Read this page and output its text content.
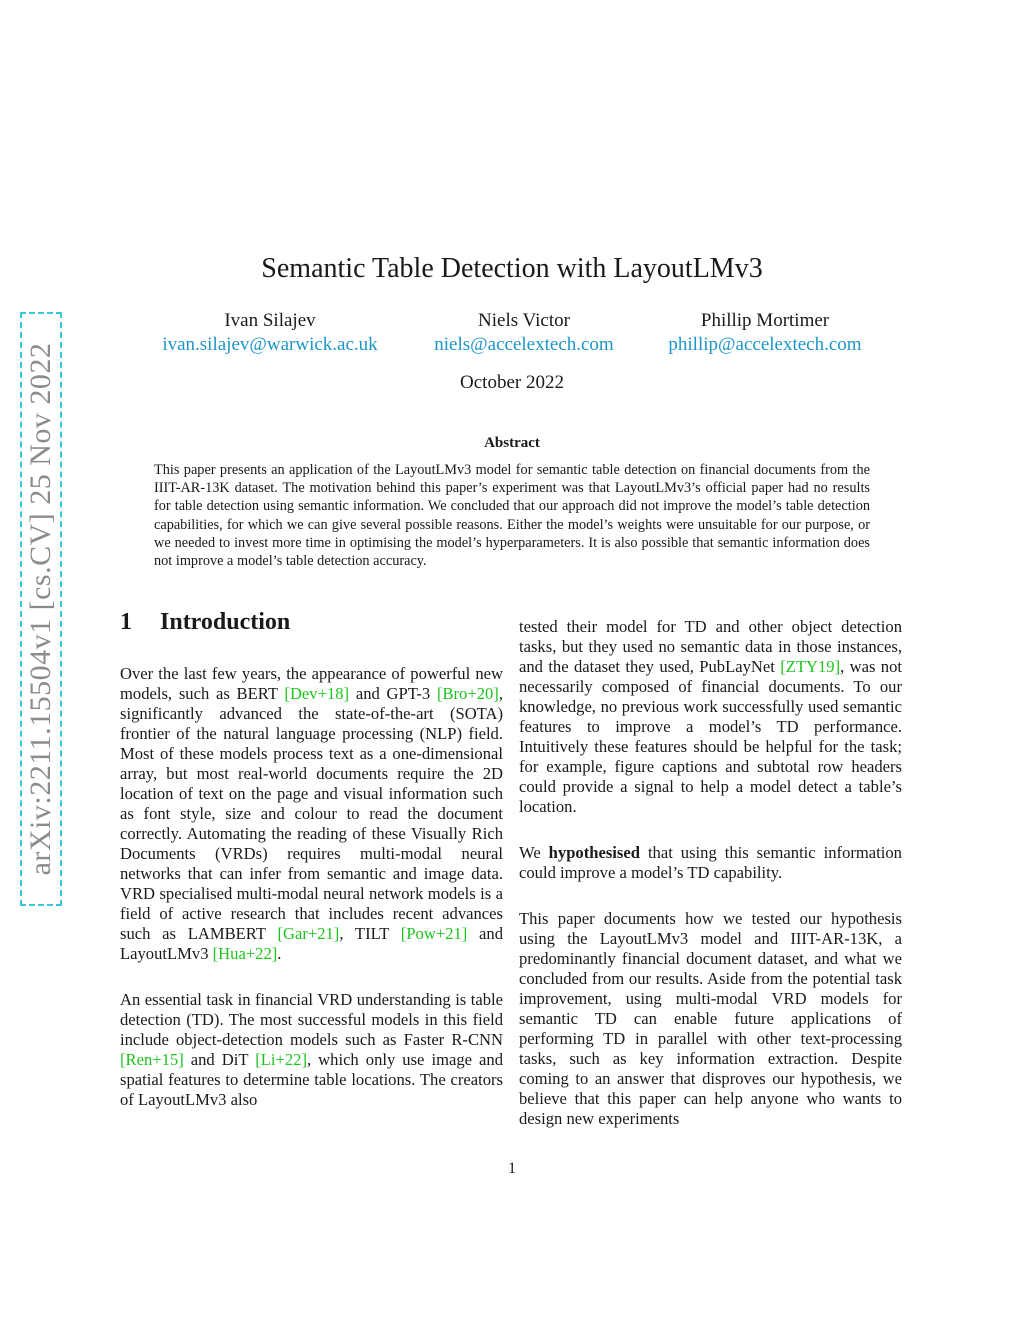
arXiv:2211.15504v1 [cs.CV] 25 Nov 2022
Semantic Table Detection with LayoutLMv3
Ivan Silajev
ivan.silajev@warwick.ac.uk
Niels Victor
niels@accelextech.com
Phillip Mortimer
phillip@accelextech.com
October 2022
Abstract
This paper presents an application of the LayoutLMv3 model for semantic table detection on financial documents from the IIIT-AR-13K dataset. The motivation behind this paper’s experiment was that LayoutLMv3’s official paper had no results for table detection using semantic information. We concluded that our approach did not improve the model’s table detection capabilities, for which we can give several possible reasons. Either the model’s weights were unsuitable for our purpose, or we needed to invest more time in optimising the model’s hyperparameters. It is also possible that semantic information does not improve a model’s table detection accuracy.
1 Introduction

Over the last few years, the appearance of powerful new models, such as BERT [Dev+18] and GPT-3 [Bro+20], significantly advanced the state-of-the-art (SOTA) frontier of the natural language processing (NLP) field. Most of these models process text as a one-dimensional array, but most real-world documents require the 2D location of text on the page and visual information such as font style, size and colour to read the document correctly. Automating the reading of these Visually Rich Documents (VRDs) requires multi-modal neural networks that can infer from semantic and image data. VRD specialised multi-modal neural network models is a field of active research that includes recent advances such as LAMBERT [Gar+21], TILT [Pow+21] and LayoutLMv3 [Hua+22].

An essential task in financial VRD understanding is table detection (TD). The most successful models in this field include object-detection models such as Faster R-CNN [Ren+15] and DiT [Li+22], which only use image and spatial features to determine table locations. The creators of LayoutLMv3 also

tested their model for TD and other object detection tasks, but they used no semantic data in those instances, and the dataset they used, PubLayNet [ZTY19], was not necessarily composed of financial documents. To our knowledge, no previous work successfully used semantic features to improve a model’s TD performance. Intuitively these features should be helpful for the task; for example, figure captions and subtotal row headers could provide a signal to help a model detect a table’s location.

We hypothesised that using this semantic information could improve a model’s TD capability.

This paper documents how we tested our hypothesis using the LayoutLMv3 model and IIIT-AR-13K, a predominantly financial document dataset, and what we concluded from our results. Aside from the potential task improvement, using multi-modal VRD models for semantic TD can enable future applications of performing TD in parallel with other text-processing tasks, such as key information extraction. Despite coming to an answer that disproves our hypothesis, we believe that this paper can help anyone who wants to design new experiments

1
